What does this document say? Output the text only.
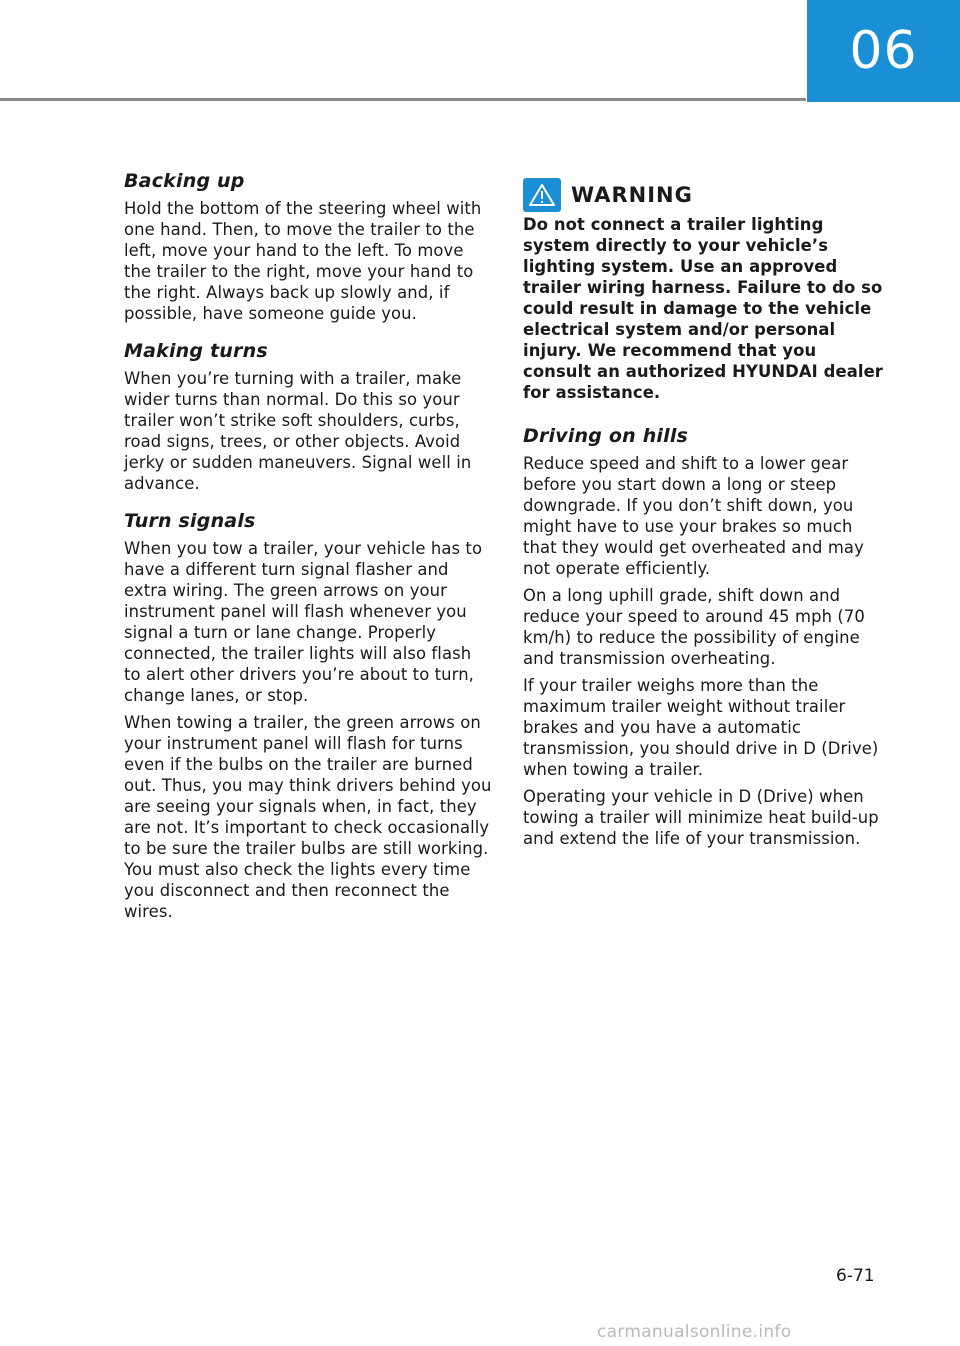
06
Backing up

Hold the bottom of the steering wheel with one hand. Then, to move the trailer to the left, move your hand to the left. To move the trailer to the right, move your hand to the right. Always back up slowly and, if possible, have someone guide you.

Making turns

When you’re turning with a trailer, make wider turns than normal. Do this so your trailer won’t strike soft shoulders, curbs, road signs, trees, or other objects. Avoid jerky or sudden maneuvers. Signal well in advance.

Turn signals

When you tow a trailer, your vehicle has to have a different turn signal flasher and extra wiring. The green arrows on your instrument panel will flash whenever you signal a turn or lane change. Properly connected, the trailer lights will also flash to alert other drivers you’re about to turn, change lanes, or stop.

When towing a trailer, the green arrows on your instrument panel will flash for turns even if the bulbs on the trailer are burned out. Thus, you may think drivers behind you are seeing your signals when, in fact, they are not. It’s important to check occasionally to be sure the trailer bulbs are still working. You must also check the lights every time you disconnect and then reconnect the wires.

WARNING

Do not connect a trailer lighting system directly to your vehicle’s lighting system. Use an approved trailer wiring harness. Failure to do so could result in damage to the vehicle electrical system and/or personal injury. We recommend that you consult an authorized HYUNDAI dealer for assistance.

Driving on hills

Reduce speed and shift to a lower gear before you start down a long or steep downgrade. If you don’t shift down, you might have to use your brakes so much that they would get overheated and may not operate efficiently.

On a long uphill grade, shift down and reduce your speed to around 45 mph (70 km/h) to reduce the possibility of engine and transmission overheating.

If your trailer weighs more than the maximum trailer weight without trailer brakes and you have a automatic transmission, you should drive in D (Drive) when towing a trailer.

Operating your vehicle in D (Drive) when towing a trailer will minimize heat build-up and extend the life of your transmission.

6-71
carmanualsonline.info
